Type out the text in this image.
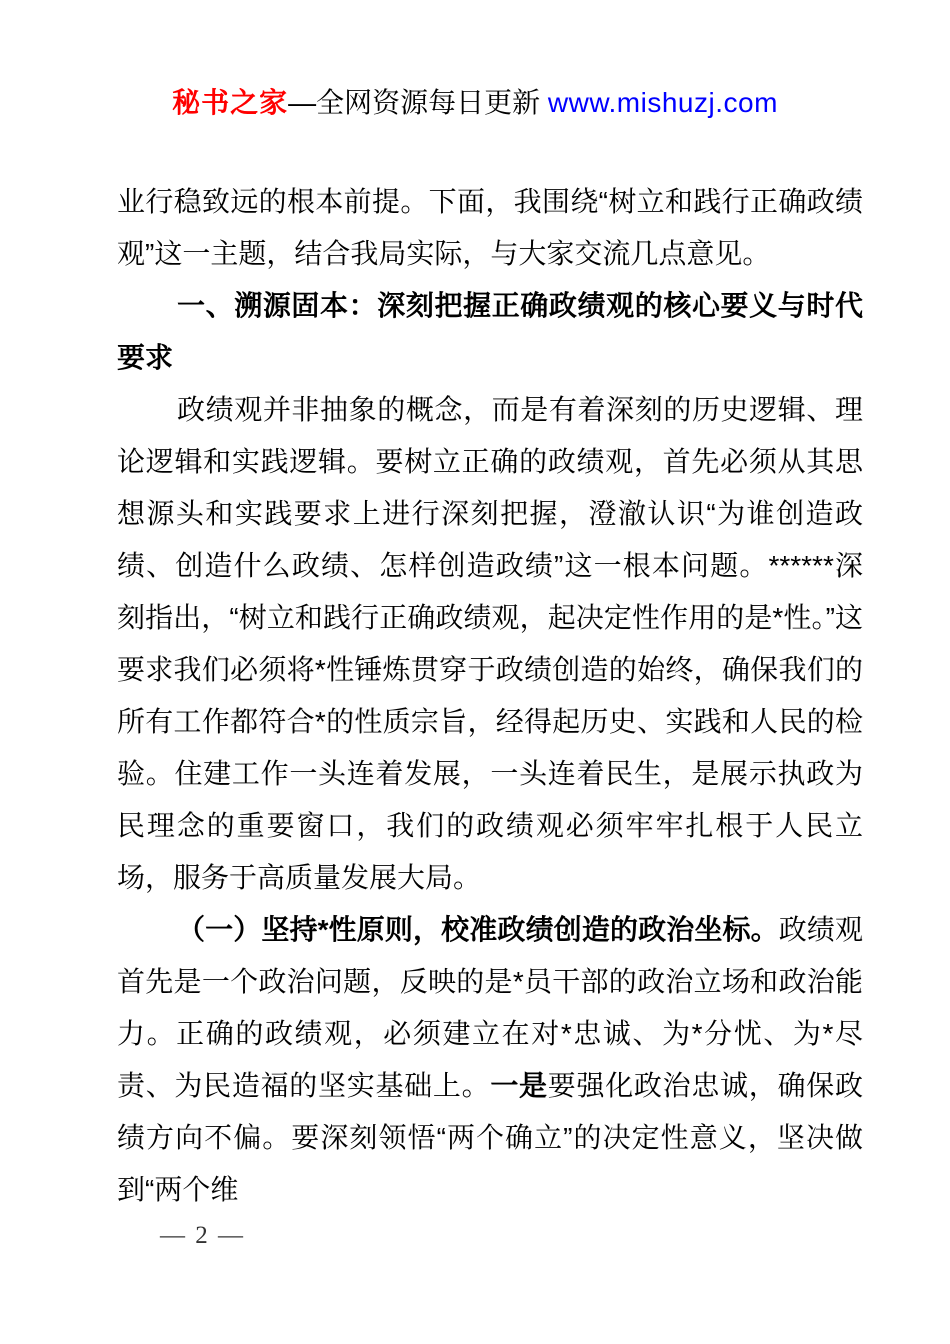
秘书之家—全网资源每日更新 www.mishuzj.com

业行稳致远的根本前提。下面，我围绕“树立和践行正确政绩观”这一主题，结合我局实际，与大家交流几点意见。

一、溯源固本：深刻把握正确政绩观的核心要义与时代要求

政绩观并非抽象的概念，而是有着深刻的历史逻辑、理论逻辑和实践逻辑。要树立正确的政绩观，首先必须从其思想源头和实践要求上进行深刻把握，澄澈认识“为谁创造政绩、创造什么政绩、怎样创造政绩”这一根本问题。******深刻指出，“树立和践行正确政绩观，起决定性作用的是*性。”这要求我们必须将*性锤炼贯穿于政绩创造的始终，确保我们的所有工作都符合*的性质宗旨，经得起历史、实践和人民的检验。住建工作一头连着发展，一头连着民生，是展示执政为民理念的重要窗口，我们的政绩观必须牢牢扎根于人民立场，服务于高质量发展大局。

（一）坚持*性原则，校准政绩创造的政治坐标。政绩观首先是一个政治问题，反映的是*员干部的政治立场和政治能力。正确的政绩观，必须建立在对*忠诚、为*分忧、为*尽责、为民造福的坚实基础上。一是要强化政治忠诚，确保政绩方向不偏。要深刻领悟“两个确立”的决定性意义，坚决做到“两个维

— 2 —
